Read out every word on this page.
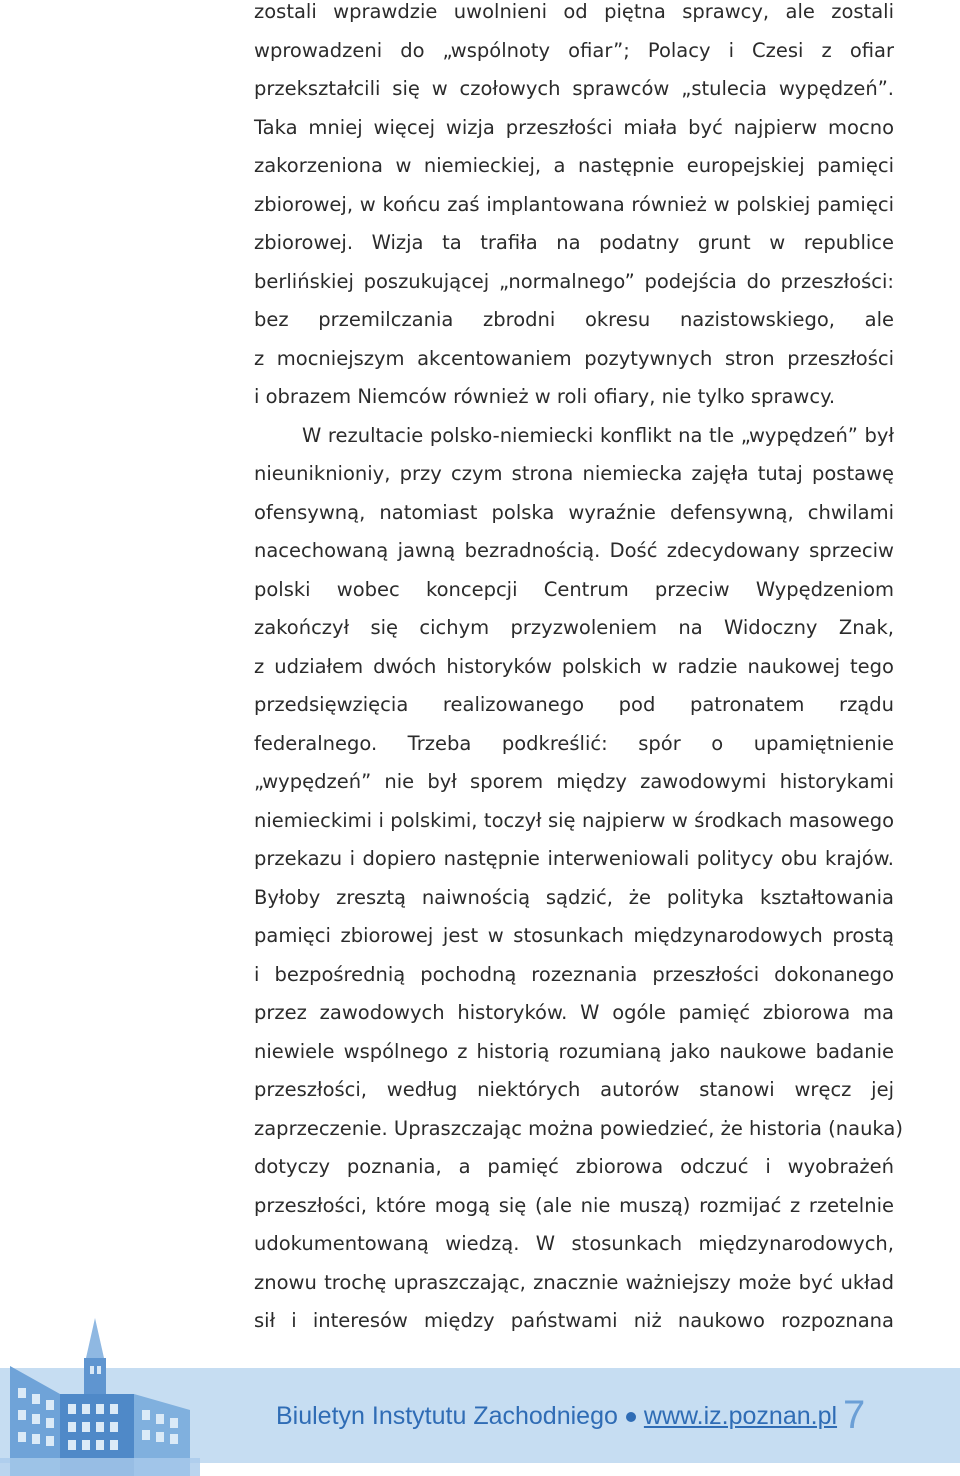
zostali wprawdzie uwolnieni od piętna sprawcy, ale zostali
wprowadzeni do „wspólnoty ofiar”; Polacy i Czesi z ofiar
przekształcili się w czołowych sprawców „stulecia wypędzeń”.
Taka mniej więcej wizja przeszłości miała być najpierw mocno
zakorzeniona w niemieckiej, a następnie europejskiej pamięci
zbiorowej, w końcu zaś implantowana również w polskiej pamięci
zbiorowej. Wizja ta trafiła na podatny grunt w republice
berlińskiej poszukującej „normalnego” podejścia do przeszłości:
bez przemilczania zbrodni okresu nazistowskiego, ale
z mocniejszym akcentowaniem pozytywnych stron przeszłości
i obrazem Niemców również w roli ofiary, nie tylko sprawcy.
W rezultacie polsko-niemiecki konflikt na tle „wypędzeń” był
nieuniknioniy, przy czym strona niemiecka zajęła tutaj postawę
ofensywną, natomiast polska wyraźnie defensywną, chwilami
nacechowaną jawną bezradnością. Dość zdecydowany sprzeciw
polski wobec koncepcji Centrum przeciw Wypędzeniom
zakończył się cichym przyzwoleniem na Widoczny Znak,
z udziałem dwóch historyków polskich w radzie naukowej tego
przedsięwzięcia realizowanego pod patronatem rządu
federalnego. Trzeba podkreślić: spór o upamiętnienie
„wypędzeń” nie był sporem między zawodowymi historykami
niemieckimi i polskimi, toczył się najpierw w środkach masowego
przekazu i dopiero następnie interweniowali politycy obu krajów.
Byłoby zresztą naiwnością sądzić, że polityka kształtowania
pamięci zbiorowej jest w stosunkach międzynarodowych prostą
i bezpośrednią pochodną rozeznania przeszłości dokonanego
przez zawodowych historyków. W ogóle pamięć zbiorowa ma
niewiele wspólnego z historią rozumianą jako naukowe badanie
przeszłości, według niektórych autorów stanowi wręcz jej
zaprzeczenie. Upraszczając można powiedzieć, że historia (nauka)
dotyczy poznania, a pamięć zbiorowa odczuć i wyobrażeń
przeszłości, które mogą się (ale nie muszą) rozmijać z rzetelnie
udokumentowaną wiedzą. W stosunkach międzynarodowych,
znowu trochę upraszczając, znacznie ważniejszy może być układ
sił i interesów między państwami niż naukowo rozpoznana
Biuletyn Instytutu Zachodniego www.iz.poznan.pl 7
